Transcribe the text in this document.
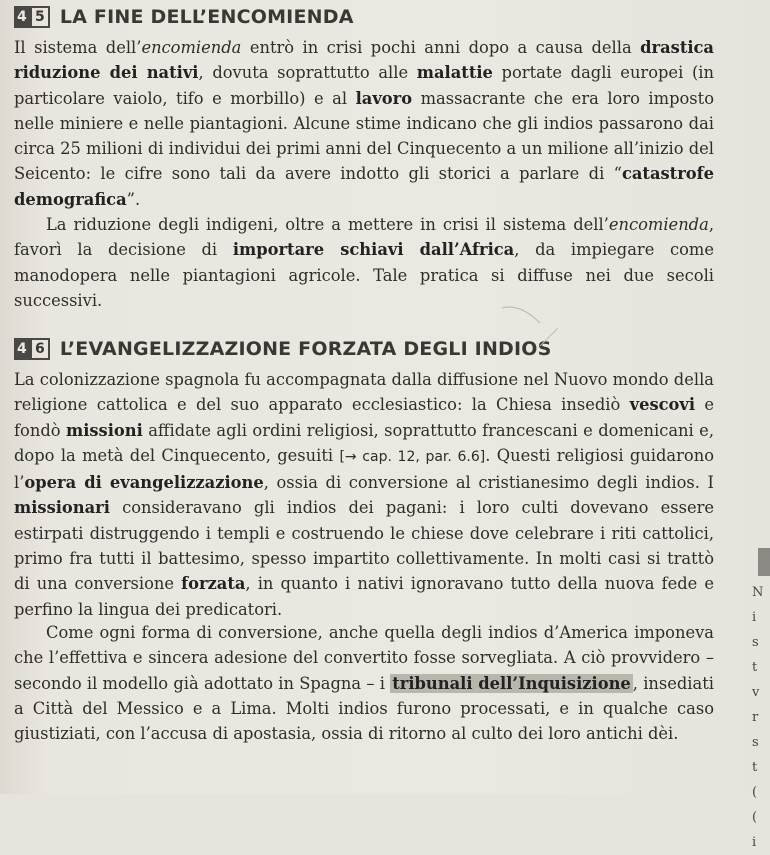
4 5 LA FINE DELL’ENCOMIENDA

Il sistema dell’encomienda entrò in crisi pochi anni dopo a causa della drastica riduzione dei nativi, dovuta soprattutto alle malattie portate dagli europei (in particolare vaiolo, tifo e morbillo) e al lavoro massacrante che era loro imposto nelle miniere e nelle piantagioni. Alcune stime indicano che gli indios passarono dai circa 25 milioni di individui dei primi anni del Cinquecento a un milione all’inizio del Seicento: le cifre sono tali da avere indotto gli storici a parlare di “catastrofe demografica”.

La riduzione degli indigeni, oltre a mettere in crisi il sistema dell’encomienda, favorì la decisione di importare schiavi dall’Africa, da impiegare come manodopera nelle piantagioni agricole. Tale pratica si diffuse nei due secoli successivi.

4 6 L’EVANGELIZZAZIONE FORZATA DEGLI INDIOS

La colonizzazione spagnola fu accompagnata dalla diffusione nel Nuovo mondo della religione cattolica e del suo apparato ecclesiastico: la Chiesa insediò vescovi e fondò missioni affidate agli ordini religiosi, soprattutto francescani e domenicani e, dopo la metà del Cinquecento, gesuiti [→ cap. 12, par. 6.6]. Questi religiosi guidarono l’opera di evangelizzazione, ossia di conversione al cristianesimo degli indios. I missionari consideravano gli indios dei pagani: i loro culti dovevano essere estirpati distruggendo i templi e costruendo le chiese dove celebrare i riti cattolici, primo fra tutti il battesimo, spesso impartito collettivamente. In molti casi si trattò di una conversione forzata, in quanto i nativi ignoravano tutto della nuova fede e perfino la lingua dei predicatori.

Come ogni forma di conversione, anche quella degli indios d’America imponeva che l’effettiva e sincera adesione del convertito fosse sorvegliata. A ciò provvidero – secondo il modello già adottato in Spagna – i tribunali dell’Inquisizione , insediati a Città del Messico e a Lima. Molti indios furono processati, e in qualche caso giustiziati, con l’accusa di apostasia, ossia di ritorno al culto dei loro antichi dèi.

N
i
s
t
v
r
s
t
(
(
i
